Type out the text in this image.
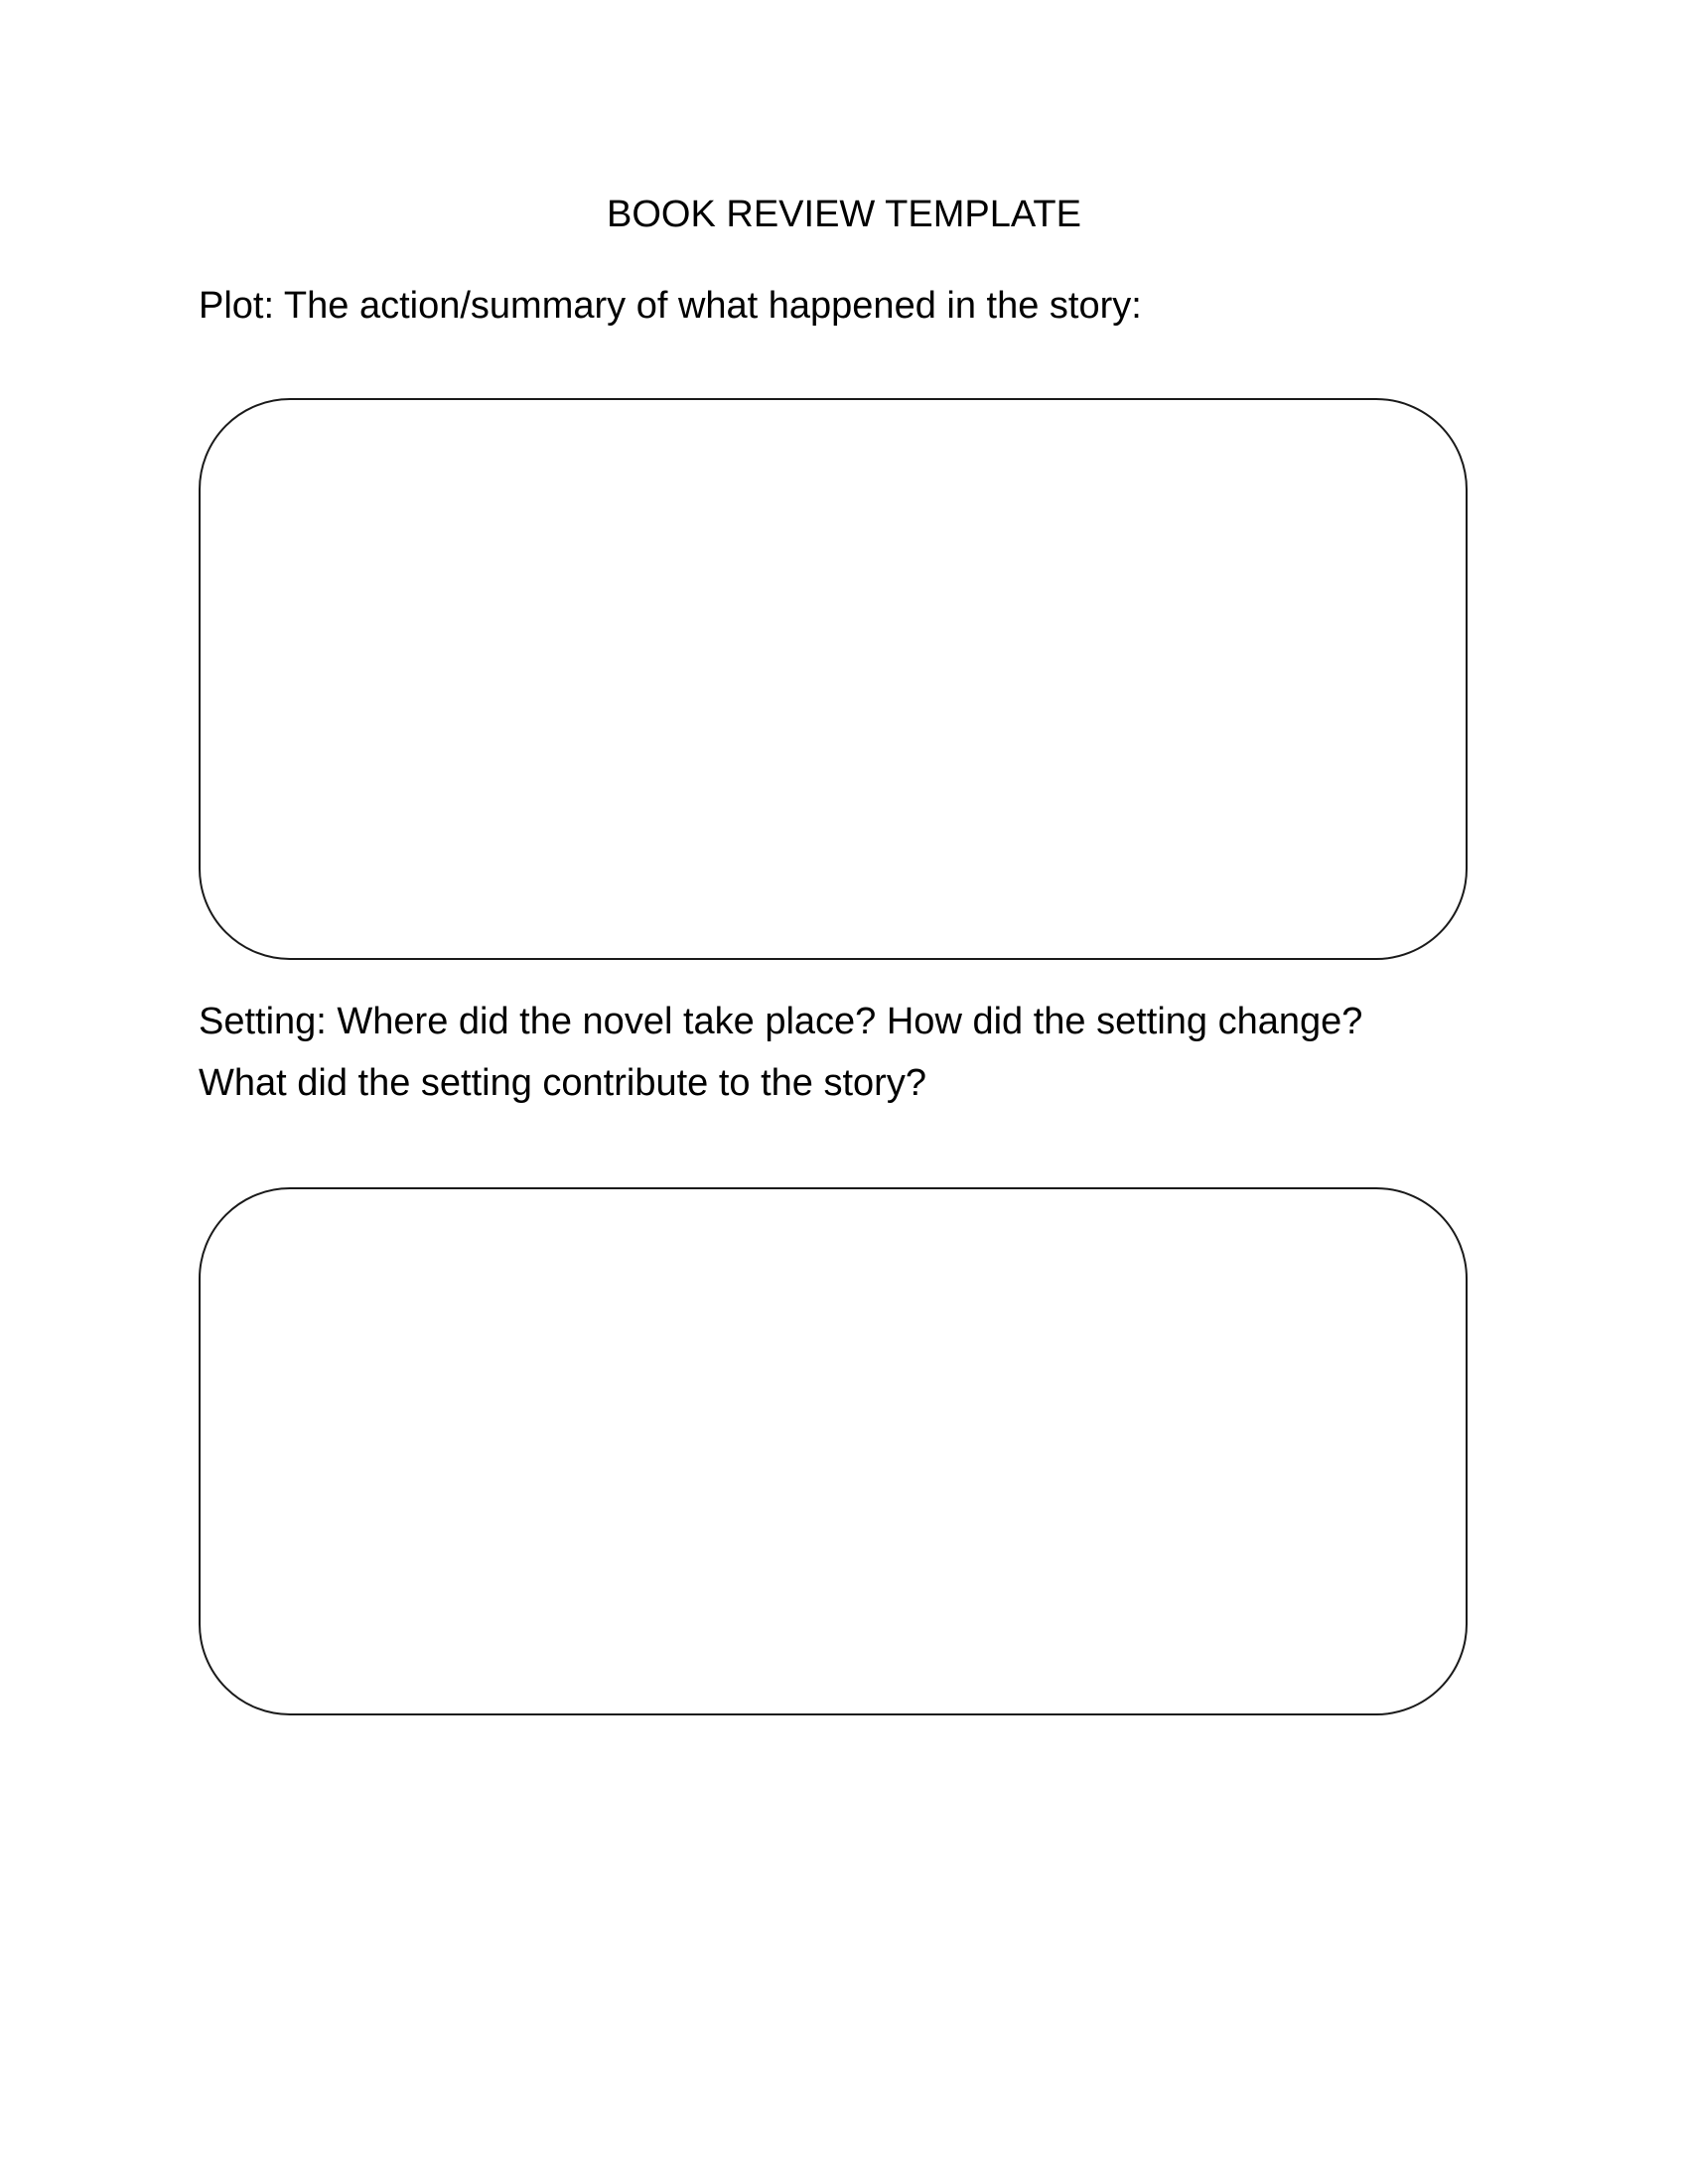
BOOK REVIEW TEMPLATE
Plot: The action/summary of what happened in the story:
Setting: Where did the novel take place? How did the setting change?
What did the setting contribute to the story?
